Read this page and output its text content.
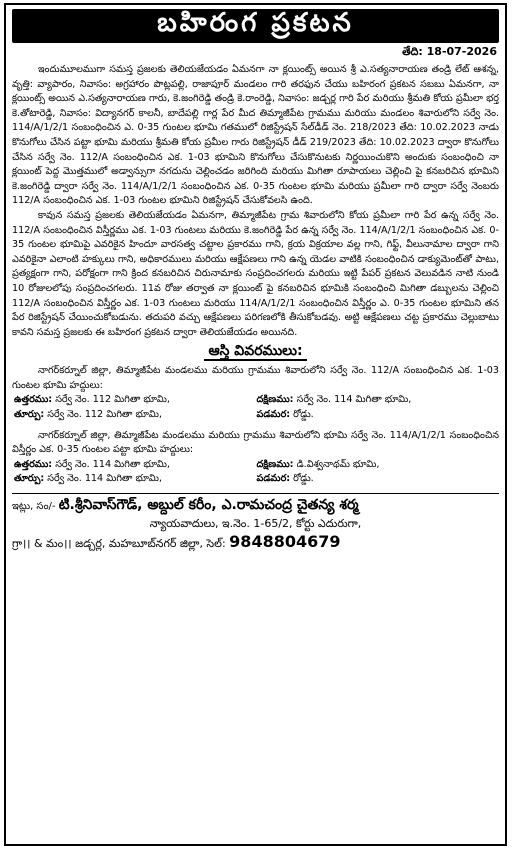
బహిరంగ ప్రకటన
తేది: 18-07-2026

ఇందుమూలముగా సమస్త ప్రజలకు తెలియజేయడం ఏమనగా నా క్లయింట్స్ అయిన శ్రీ ఎ.సత్యనారాయణ తండ్రి లేట్ ఆశన్న, వృత్తి: వ్యాపారం, నివాసం: అగ్రహారం పొట్లపల్లి, రాజాపూర్ మండలం గారి తరఫున చేయు బహిరంగ ప్రకటన సబబు ఏమనగా, నా క్లయింట్స్ అయిన ఎ.సత్యనారాయణ గారు, కె.జంగిరెడ్డి తండ్రి కె.రాంరెడ్డి, నివాసం: జడ్చర్ల గారి పేర మరియు శ్రీమతి కోయ ప్రమీలా భర్త కె.తోటారెడ్డి, నివాసం: విద్యానగర్ కాలనీ, బాదేపల్లి గార్ల పేర మీద తిమ్మాజీపేట గ్రామము మరియు మండలం శివారులోని సర్వే నెం. 114/A/1/2/1 సంబంధించిన ఎ. 0-35 గుంటల భూమి గతములో రిజిస్ట్రేషన్ సేల్‌డీడ్ నెం. 218/2023 తేది: 10.02.2023 నాడు కొనుగోలు చేసిన పట్టా భూమి మరియు శ్రీమతి కోయ ప్రమీల గారు రిజిస్ట్రేషన్ డీడ్ 219/2023 తేది: 10.02.2023 ద్వారా కొనుగోలు చేసిన సర్వే నెం. 112/A సంబంధించిన ఎక. 1-03 భూమిని కొనుగోలు చేసుకొనుటకు నిర్ణయించుకొని అందుకు సంబంధించి నా క్లయింట్ పెద్ద మొత్తములో అడ్వాన్సుగా నగదును చెల్లించడం జరిగింది మరియు మిగితా రూపాయలు చెల్లించి పై కనబరిచిన భూమిని కె.జంగిరెడ్డి ద్వారా సర్వే నెం. 114/A/1/2/1 సంబంధించిన ఎక. 0-35 గుంటల భూమి మరియు ప్రమీలా గారి ద్వారా సర్వే నెంబరు 112/A సంబంధించిన ఎక. 1-03 గుంటల భూమిని రిజిస్ట్రేషన్ చేసుకోవలసి ఉంది.

కావున సమస్త ప్రజలకు తెలియజేయడం ఏమనగా, తిమ్మాజీపేట గ్రామ శివారులోని కోయ ప్రమీలా గారి పేర ఉన్న సర్వే నెం. 112/A సంబంధించిన విస్తీర్ణము ఎక. 1-03 గుంటలు మరియు కె.జంగిరెడ్డి పేర ఉన్న సర్వే నెం. 114/A/1/2/1 సంబంధించిన ఎక. 0-35 గుంటల భూమిపై ఎవరికైన హిందూ వారసత్వ చట్టాల ప్రకారము గాని, క్రయ విక్రయాల వల్ల గాని, గిఫ్ట్, వీలునామాల ద్వారా గాని ఎవరికైనా ఎలాంటి హక్కులు గాని, అధికారములు మరియు ఆక్షేపణలు గాని ఉన్న యెడల వాటికి సంబంధించిన డాక్యుమెంట్‌తో పాటు, ప్రత్యక్షంగా గాని, పరోక్షంగా గాని క్రింద కనబరిచిన చిరునామాకు సంప్రదించగలరు మరియు ఇట్టి పేపర్ ప్రకటన వెలువడిన నాటి నుండి 10 రోజులలోపు సంప్రదించగలరు. 11వ రోజు తర్వాత నా క్లయింట్ పై కనబరిచిన భూమికి సంబంధించి మిగితా డబ్బులను చెల్లించి 112/A సంబంధించిన విస్తీర్ణం ఎక. 1-03 గుంటలు మరియు 114/A/1/2/1 సంబంధించిన విస్తీర్ణం ఎ. 0-35 గుంటల భూమిని తన పేర రిజిస్ట్రేషన్ చేయించుకోబడును. తదుపరి వచ్చు ఆక్షేపణలు పరిగణలోకి తీసుకోబడవు. అట్టి ఆక్షేపణలు చట్ట ప్రకారము చెల్లుబాటు కావని సమస్త ప్రజలకు ఈ బహిరంగ ప్రకటన ద్వారా తెలియజేయడం అయినది.

ఆస్తి వివరములు:

నాగర్‌కర్నూల్ జిల్లా, తిమ్మాజీపేట మండలము మరియు గ్రామము శివారులోని సర్వే నెం. 112/A సంబంధించిన ఎక. 1-03 గుంటల భూమి హద్దులు:

ఉత్తరము: సర్వే నెం. 112 మిగితా భూమి,	దక్షిణము: సర్వే నెం. 114 మిగితా భూమి,
తూర్పు: సర్వే నెం. 112 మిగితా భూమి,	పడమర: రోడ్డు.

నాగర్‌కర్నూల్ జిల్లా, తిమ్మాజీపేట మండలము మరియు గ్రామము శివారులోని భూమి సర్వే నెం. 114/A/1/2/1 సంబంధించిన విస్తీర్ణం ఎక. 0-35 గుంటల పట్టా భూమి హద్దులు:

ఉత్తరము: సర్వే నెం. 114 మిగితా భూమి,	దక్షిణము: డి.విశ్వనాథమ్ భూమి,
తూర్పు: సర్వే నెం. 114 మిగితా భూమి,	పడమర: రోడ్డు.
ఇట్లు, సం/- టి.శ్రీనివాస్‌గౌడ్, అబ్దుల్ కరీం, ఎ.రామచంద్ర చైతన్య శర్మ
న్యాయవాదులు, ఇ.నెం. 1-65/2, కోర్టు ఎదురుగా,
గ్రా।। & మం।। జడ్చర్ల, మహబూబ్‌నగర్ జిల్లా, సెల్: 9848804679
